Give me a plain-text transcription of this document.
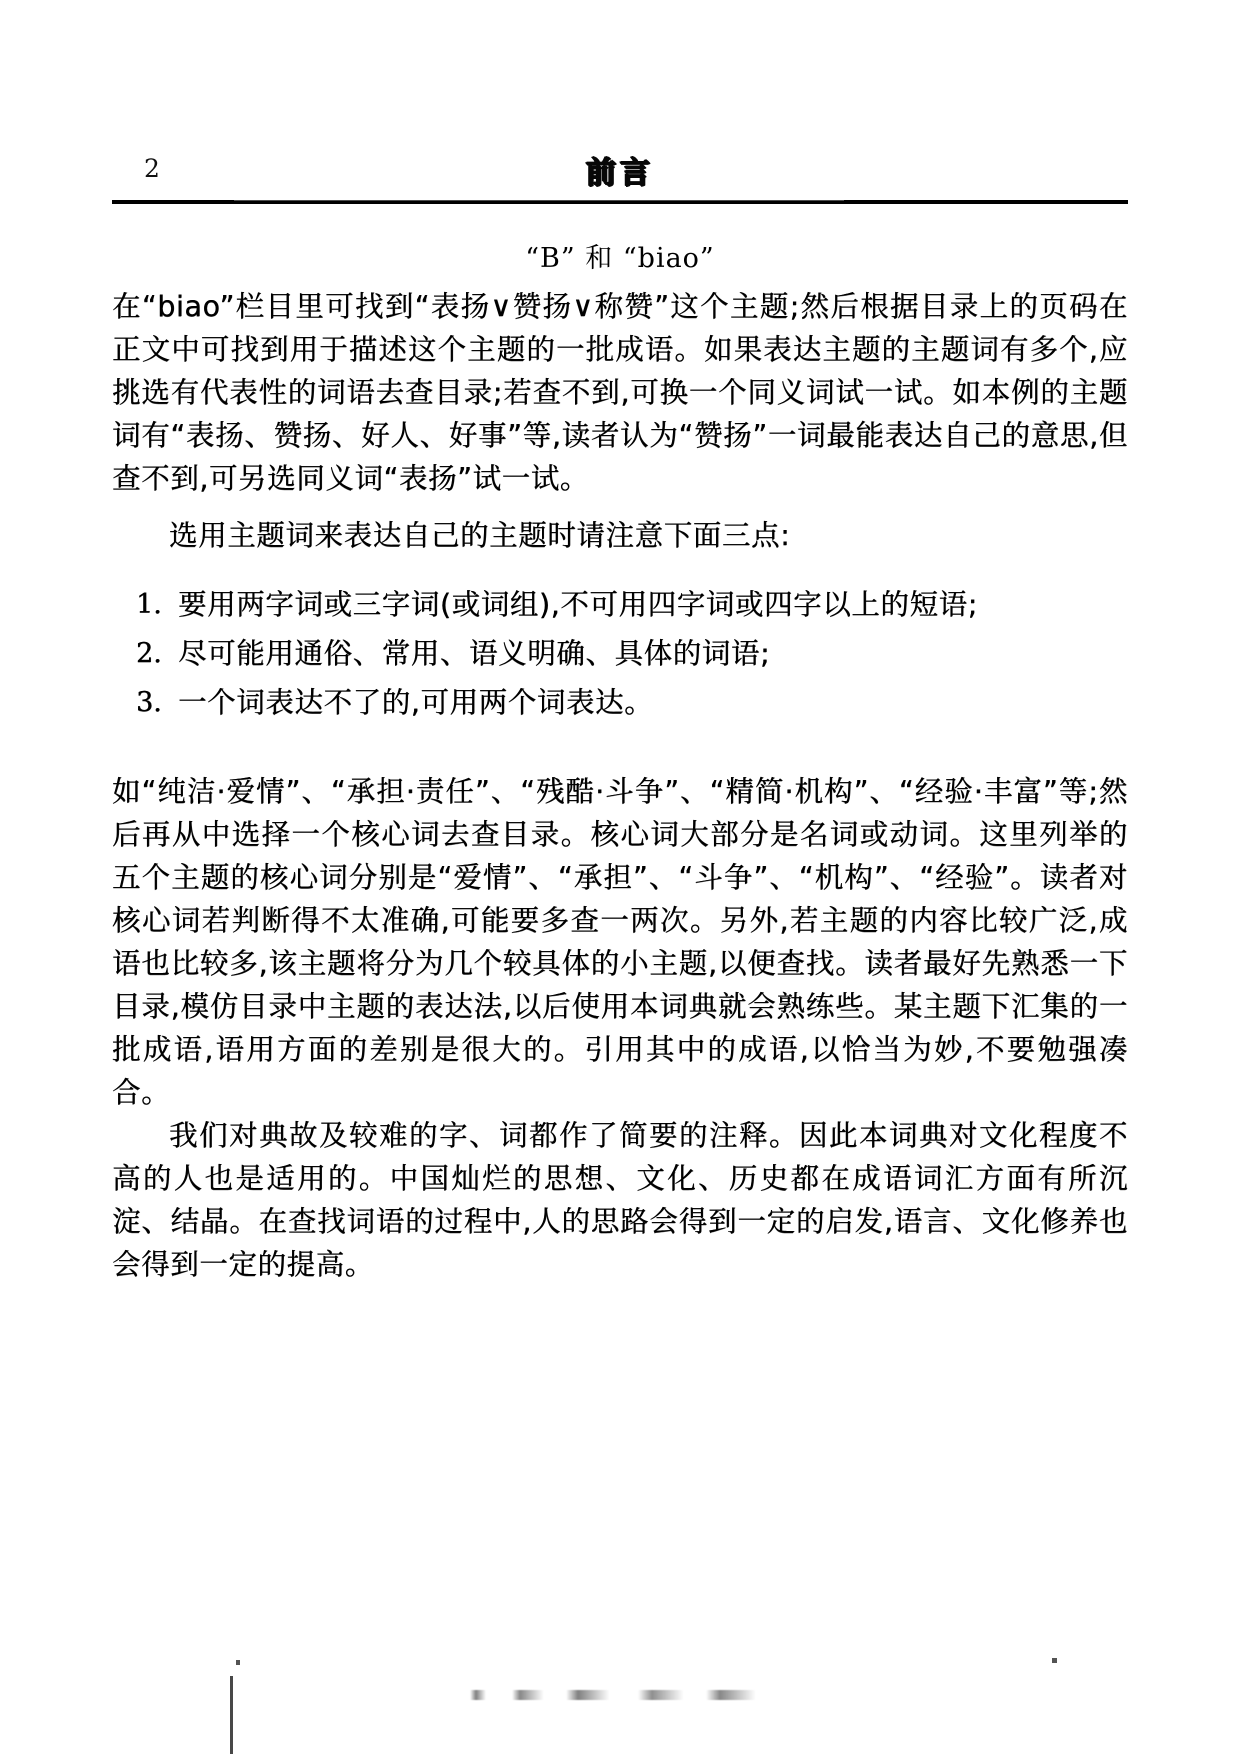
2	前言
“B” 和 “biao”

在“biao”栏目里可找到“表扬∨赞扬∨称赞”这个主题;然后根据目录上的页码在正文中可找到用于描述这个主题的一批成语。如果表达主题的主题词有多个,应挑选有代表性的词语去查目录;若查不到,可换一个同义词试一试。如本例的主题词有“表扬、赞扬、好人、好事”等,读者认为“赞扬”一词最能表达自己的意思,但查不到,可另选同义词“表扬”试一试。

选用主题词来表达自己的主题时请注意下面三点:

1. 要用两字词或三字词(或词组),不可用四字词或四字以上的短语;
2. 尽可能用通俗、常用、语义明确、具体的词语;
3. 一个词表达不了的,可用两个词表达。

如“纯洁·爱情”、“承担·责任”、“残酷·斗争”、“精简·机构”、“经验·丰富”等;然后再从中选择一个核心词去查目录。核心词大部分是名词或动词。这里列举的五个主题的核心词分别是“爱情”、“承担”、“斗争”、“机构”、“经验”。读者对核心词若判断得不太准确,可能要多查一两次。另外,若主题的内容比较广泛,成语也比较多,该主题将分为几个较具体的小主题,以便查找。读者最好先熟悉一下目录,模仿目录中主题的表达法,以后使用本词典就会熟练些。某主题下汇集的一批成语,语用方面的差别是很大的。引用其中的成语,以恰当为妙,不要勉强凑合。

我们对典故及较难的字、词都作了简要的注释。因此本词典对文化程度不高的人也是适用的。中国灿烂的思想、文化、历史都在成语词汇方面有所沉淀、结晶。在查找词语的过程中,人的思路会得到一定的启发,语言、文化修养也会得到一定的提高。
